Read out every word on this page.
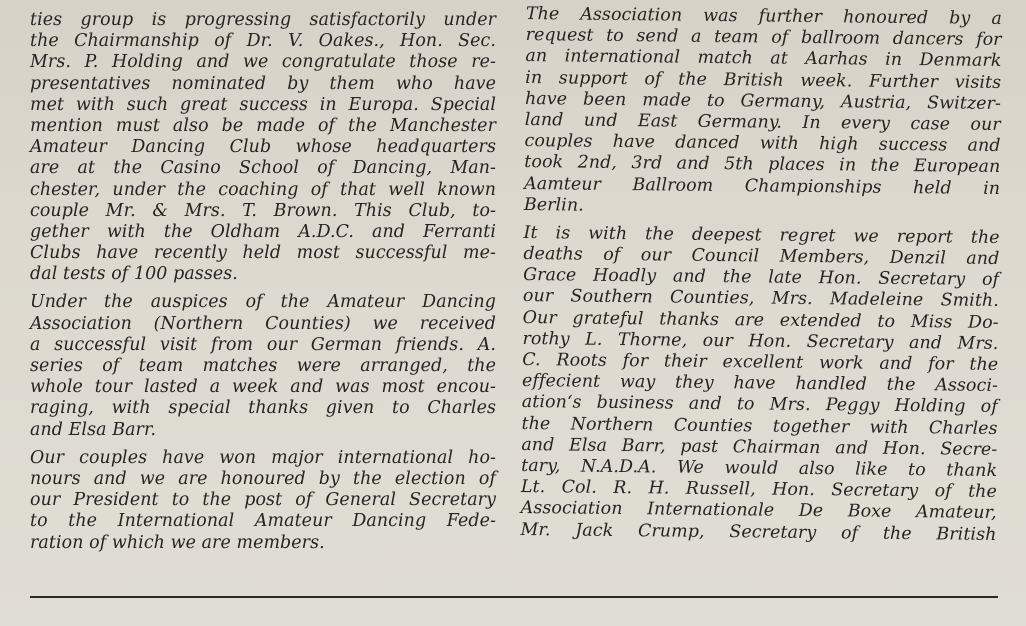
ties group is progressing satisfactorily under
the Chairmanship of Dr. V. Oakes., Hon. Sec.
Mrs. P. Holding and we congratulate those re-
presentatives nominated by them who have
met with such great success in Europa. Special
mention must also be made of the Manchester
Amateur Dancing Club whose headquarters
are at the Casino School of Dancing, Man-
chester, under the coaching of that well known
couple Mr. & Mrs. T. Brown. This Club, to-
gether with the Oldham A.D.C. and Ferranti
Clubs have recently held most successful me-
dal tests of 100 passes.
Under the auspices of the Amateur Dancing
Association (Northern Counties) we received
a successful visit from our German friends. A.
series of team matches were arranged, the
whole tour lasted a week and was most encou-
raging, with special thanks given to Charles
and Elsa Barr.
Our couples have won major international ho-
nours and we are honoured by the election of
our President to the post of General Secretary
to the International Amateur Dancing Fede-
ration of which we are members.
The Association was further honoured by a
request to send a team of ballroom dancers for
an international match at Aarhas in Denmark
in support of the British week. Further visits
have been made to Germany, Austria, Switzer-
land und East Germany. In every case our
couples have danced with high success and
took 2nd, 3rd and 5th places in the European
Aamteur Ballroom Championships held in
Berlin.
It is with the deepest regret we report the
deaths of our Council Members, Denzil and
Grace Hoadly and the late Hon. Secretary of
our Southern Counties, Mrs. Madeleine Smith.
Our grateful thanks are extended to Miss Do-
rothy L. Thorne, our Hon. Secretary and Mrs.
C. Roots for their excellent work and for the
effecient way they have handled the Associ-
ation‘s business and to Mrs. Peggy Holding of
the Northern Counties together with Charles
and Elsa Barr, past Chairman and Hon. Secre-
tary, N.A.D.A. We would also like to thank
Lt. Col. R. H. Russell, Hon. Secretary of the
Association Internationale De Boxe Amateur,
Mr. Jack Crump, Secretary of the British
